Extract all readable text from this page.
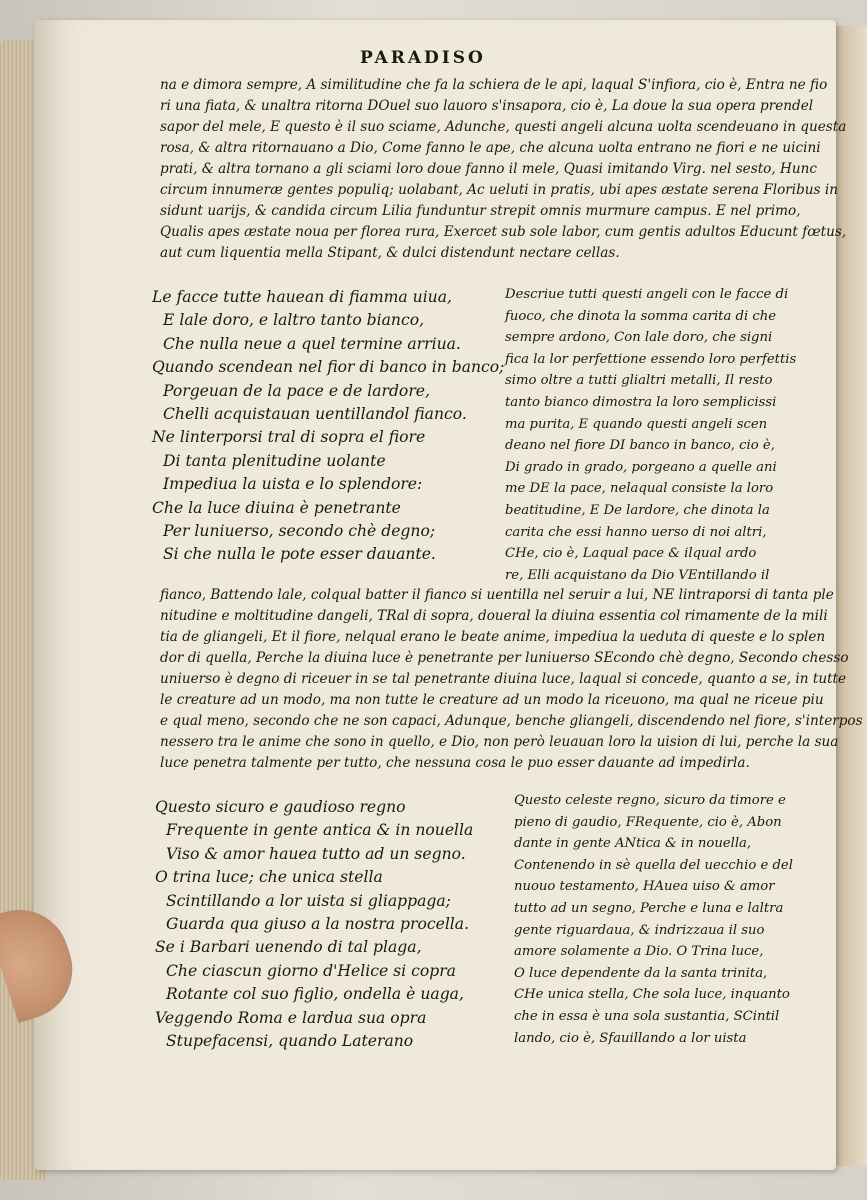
PARADISO
na e dimora sempre, A similitudine che fa la schiera de le api, laqual S'infiora, cio è, Entra ne fio
ri una fiata, & unaltra ritorna DOuel suo lauoro s'insapora, cio è, La doue la sua opera prendel
sapor del mele, E questo è il suo sciame, Adunche, questi angeli alcuna uolta scendeuano in questa
rosa, & altra ritornauano a Dio, Come fanno le ape, che alcuna uolta entrano ne fiori e ne uicini
prati, & altra tornano a gli sciami loro doue fanno il mele, Quasi imitando Virg. nel sesto, Hunc
circum innumeræ gentes populiq; uolabant, Ac ueluti in pratis, ubi apes æstate serena Floribus in
sidunt uarijs, & candida circum Lilia funduntur strepit omnis murmure campus. E nel primo,
Qualis apes æstate noua per florea rura, Exercet sub sole labor, cum gentis adultos Educunt fœtus,
aut cum liquentia mella Stipant, & dulci distendunt nectare cellas.
Le facce tutte hauean di fiamma uiua,
E lale doro, e laltro tanto bianco,
Che nulla neue a quel termine arriua.
Quando scendean nel fior di banco in banco;
Porgeuan de la pace e de lardore,
Chelli acquistauan uentillandol fianco.
Ne linterporsi tral di sopra el fiore
Di tanta plenitudine uolante
Impediua la uista e lo splendore:
Che la luce diuina è penetrante
Per luniuerso, secondo chè degno;
Si che nulla le pote esser dauante.
Descriue tutti questi angeli con le facce di
fuoco, che dinota la somma carita di che
sempre ardono, Con lale doro, che signi
fica la lor perfettione essendo loro perfettis
simo oltre a tutti glialtri metalli, Il resto
tanto bianco dimostra la loro semplicissi
ma purita, E quando questi angeli scen
deano nel fiore DI banco in banco, cio è,
Di grado in grado, porgeano a quelle ani
me DE la pace, nelaqual consiste la loro
beatitudine, E De lardore, che dinota la
carita che essi hanno uerso di noi altri,
CHe, cio è, Laqual pace & ilqual ardo
re, Elli acquistano da Dio VEntillando il
fianco, Battendo lale, colqual batter il fianco si uentilla nel seruir a lui, NE lintraporsi di tanta ple
nitudine e moltitudine dangeli, TRal di sopra, doueral la diuina essentia col rimamente de la mili
tia de gliangeli, Et il fiore, nelqual erano le beate anime, impediua la ueduta di queste e lo splen
dor di quella, Perche la diuina luce è penetrante per luniuerso SEcondo chè degno, Secondo chesso
uniuerso è degno di riceuer in se tal penetrante diuina luce, laqual si concede, quanto a se, in tutte
le creature ad un modo, ma non tutte le creature ad un modo la riceuono, ma qual ne riceue piu
e qual meno, secondo che ne son capaci, Adunque, benche gliangeli, discendendo nel fiore, s'interpos
nessero tra le anime che sono in quello, e Dio, non però leuauan loro la uision di lui, perche la sua
luce penetra talmente per tutto, che nessuna cosa le puo esser dauante ad impedirla.
Questo sicuro e gaudioso regno
Frequente in gente antica & in nouella
Viso & amor hauea tutto ad un segno.
O trina luce; che unica stella
Scintillando a lor uista si gliappaga;
Guarda qua giuso a la nostra procella.
Se i Barbari uenendo di tal plaga,
Che ciascun giorno d'Helice si copra
Rotante col suo figlio, ondella è uaga,
Veggendo Roma e lardua sua opra
Stupefacensi, quando Laterano
Questo celeste regno, sicuro da timore e
pieno di gaudio, FRequente, cio è, Abon
dante in gente ANtica & in nouella,
Contenendo in sè quella del uecchio e del
nuouo testamento, HAuea uiso & amor
tutto ad un segno, Perche e luna e laltra
gente riguardaua, & indrizzaua il suo
amore solamente a Dio. O Trina luce,
O luce dependente da la santa trinita,
CHe unica stella, Che sola luce, inquanto
che in essa è una sola sustantia, SCintil
lando, cio è, Sfauillando a lor uista
